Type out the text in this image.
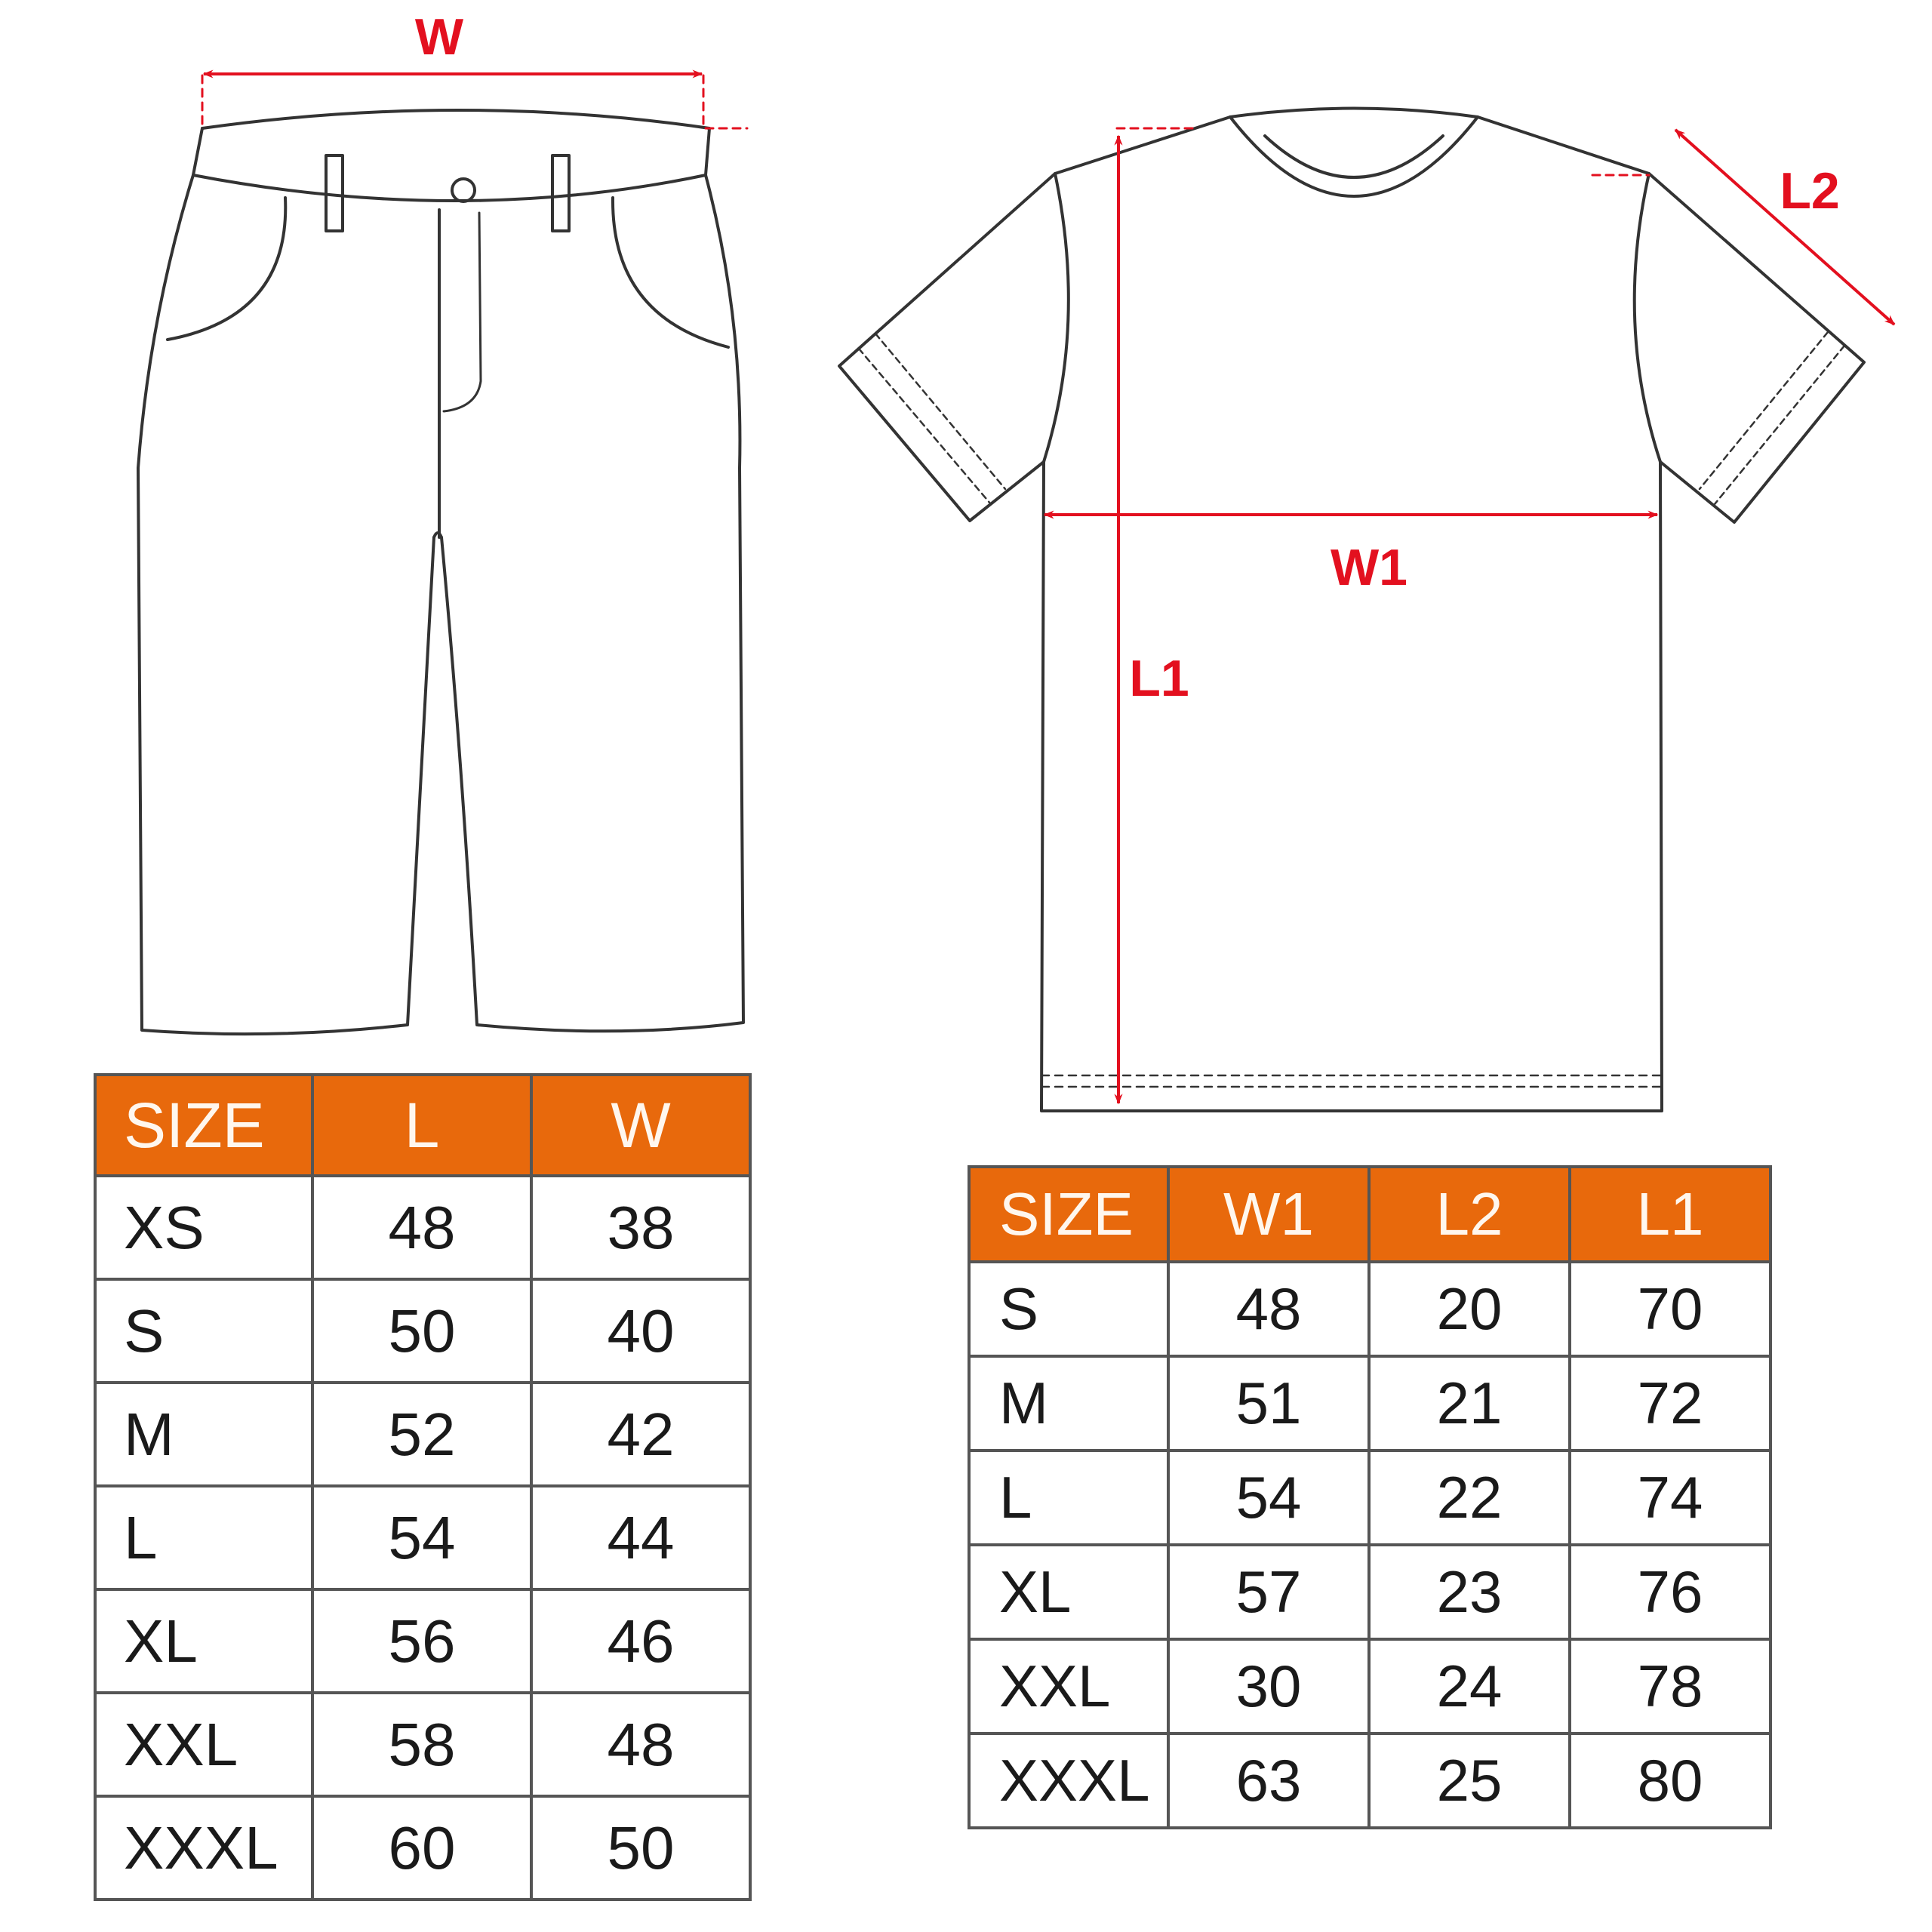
W
L1
W1
L2
SIZE	L	W
XS	48	38
S	50	40
M	52	42
L	54	44
XL	56	46
XXL	58	48
XXXL	60	50
SIZE	W1	L2	L1
S	48	20	70
M	51	21	72
L	54	22	74
XL	57	23	76
XXL	30	24	78
XXXL	63	25	80
